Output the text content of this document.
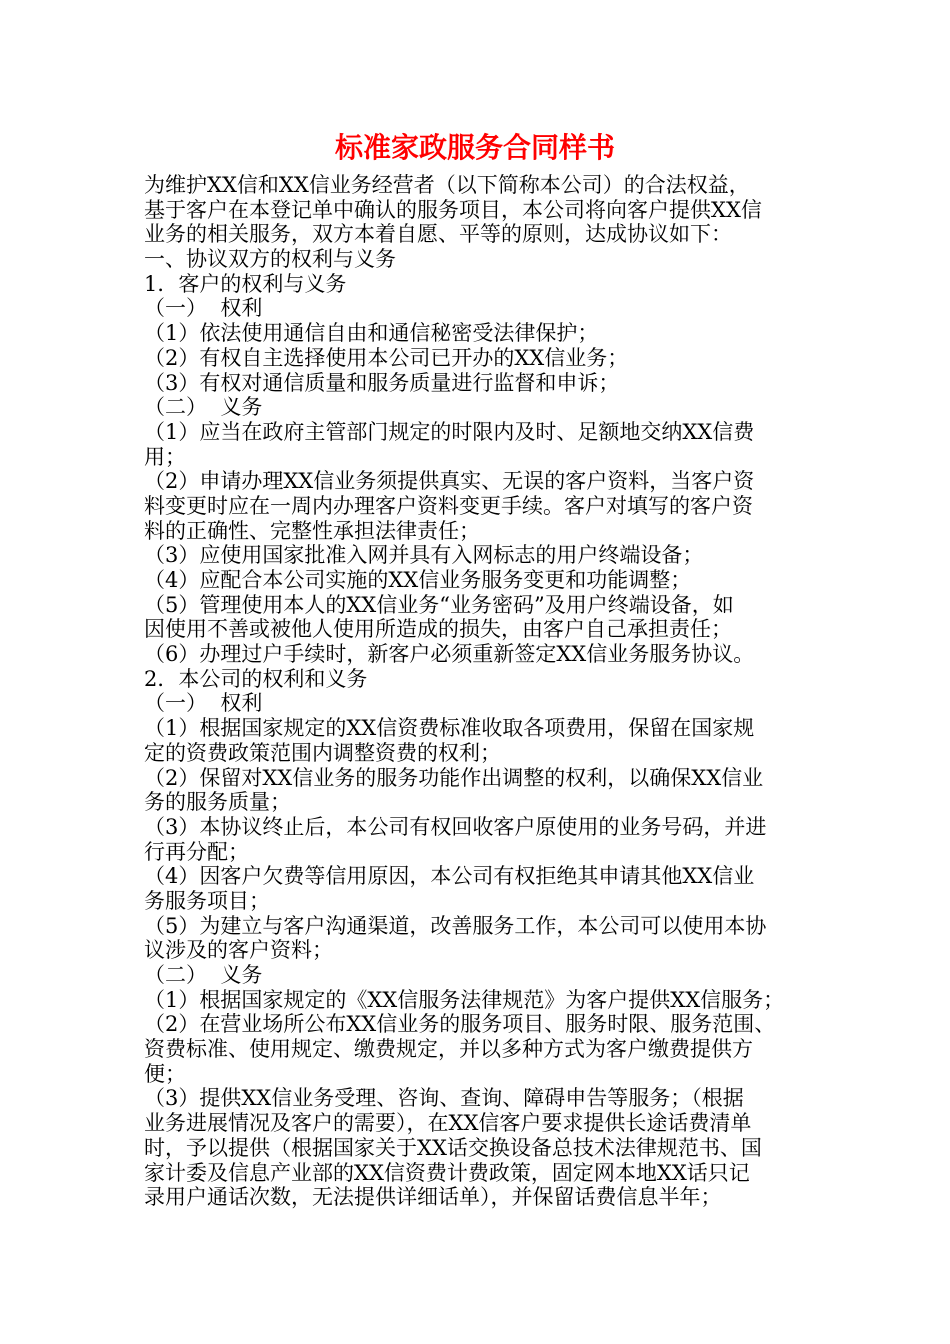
标准家政服务合同样书
为维护XX信和XX信业务经营者（以下简称本公司）的合法权益，
基于客户在本登记单中确认的服务项目，本公司将向客户提供XX信
业务的相关服务，双方本着自愿、平等的原则，达成协议如下：
一、协议双方的权利与义务
1．客户的权利与义务
（一）  权利
（1）依法使用通信自由和通信秘密受法律保护；
（2）有权自主选择使用本公司已开办的XX信业务；
（3）有权对通信质量和服务质量进行监督和申诉；
（二）  义务
（1）应当在政府主管部门规定的时限内及时、足额地交纳XX信费
用；
（2）申请办理XX信业务须提供真实、无误的客户资料，当客户资
料变更时应在一周内办理客户资料变更手续。客户对填写的客户资
料的正确性、完整性承担法律责任；
（3）应使用国家批准入网并具有入网标志的用户终端设备；
（4）应配合本公司实施的XX信业务服务变更和功能调整；
（5）管理使用本人的XX信业务“业务密码”及用户终端设备，如
因使用不善或被他人使用所造成的损失，由客户自己承担责任；
（6）办理过户手续时，新客户必须重新签定XX信业务服务协议。
2．本公司的权利和义务
（一）  权利
（1）根据国家规定的XX信资费标准收取各项费用，保留在国家规
定的资费政策范围内调整资费的权利；
（2）保留对XX信业务的服务功能作出调整的权利，以确保XX信业
务的服务质量；
（3）本协议终止后，本公司有权回收客户原使用的业务号码，并进
行再分配；
（4）因客户欠费等信用原因，本公司有权拒绝其申请其他XX信业
务服务项目；
（5）为建立与客户沟通渠道，改善服务工作，本公司可以使用本协
议涉及的客户资料；
（二）  义务
（1）根据国家规定的《XX信服务法律规范》为客户提供XX信服务；
（2）在营业场所公布XX信业务的服务项目、服务时限、服务范围、
资费标准、使用规定、缴费规定，并以多种方式为客户缴费提供方
便；
（3）提供XX信业务受理、咨询、查询、障碍申告等服务；（根据
业务进展情况及客户的需要），在XX信客户要求提供长途话费清单
时，予以提供（根据国家关于XX话交换设备总技术法律规范书、国
家计委及信息产业部的XX信资费计费政策，固定网本地XX话只记
录用户通话次数，无法提供详细话单），并保留话费信息半年；
